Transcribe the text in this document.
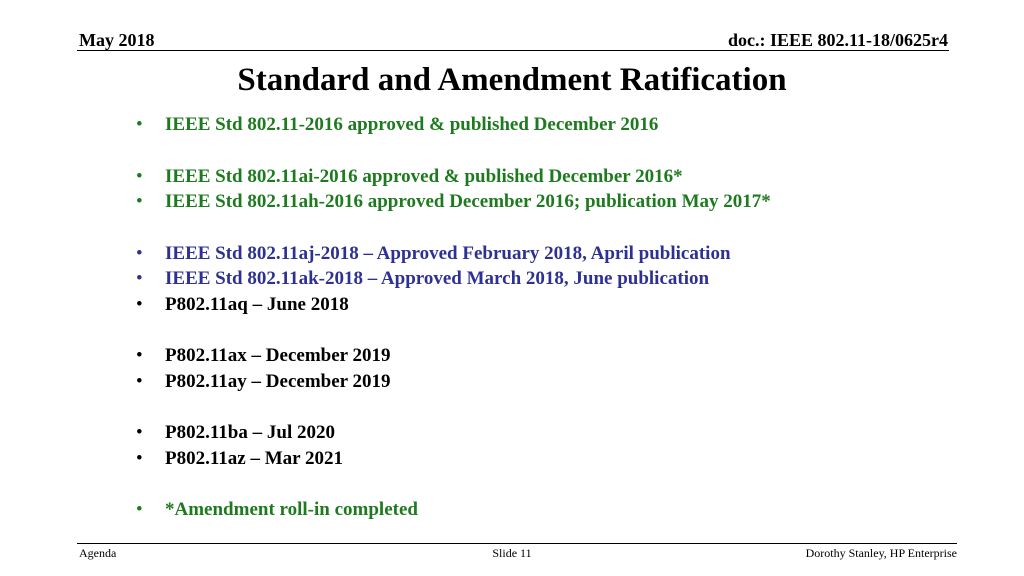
May 2018	doc.: IEEE 802.11-18/0625r4
Standard and Amendment Ratification
• IEEE Std 802.11-2016 approved & published December 2016
• IEEE Std 802.11ai-2016 approved & published December 2016*
• IEEE Std 802.11ah-2016 approved December 2016; publication May 2017*
• IEEE Std 802.11aj-2018 – Approved February 2018, April publication
• IEEE Std 802.11ak-2018 – Approved March 2018, June publication
• P802.11aq – June 2018
• P802.11ax – December 2019
• P802.11ay – December 2019
• P802.11ba – Jul 2020
• P802.11az – Mar 2021
• *Amendment roll-in completed
Agenda	Slide 11	Dorothy Stanley, HP Enterprise
